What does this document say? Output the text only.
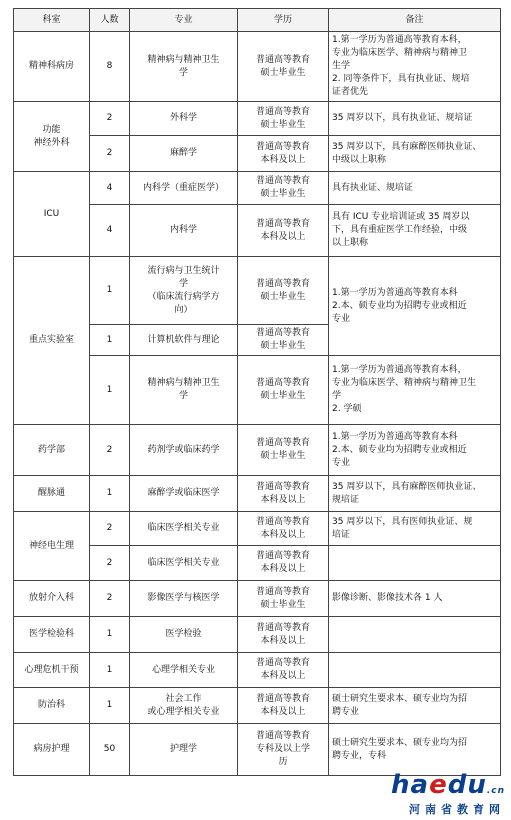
科室	人数	专业	学历	备注
精神科病房	8	精神病与精神卫生
学	普通高等教育
硕士毕业生	1.第一学历为普通高等教育本科，
专业为临床医学、精神病与精神卫
生学
2. 同等条件下，具有执业证、规培
证者优先

功能
神经外科	2	外科学	普通高等教育
硕士毕业生	35 周岁以下，具有执业证、规培证

	2	麻醉学	普通高等教育
本科及以上	35 周岁以下，具有麻醉医师执业证、
中级以上职称

ICU	4	内科学（重症医学）	普通高等教育
硕士毕业生	具有执业证、规培证

	4	内科学	普通高等教育
本科及以上	具有 ICU 专业培训证或 35 周岁以
下，具有重症医学工作经验，中级
以上职称

重点实验室	1	流行病与卫生统计
学
（临床流行病学方
向）	普通高等教育
硕士毕业生	1.第一学历为普通高等教育本科
2.本、硕专业均为招聘专业或相近
专业

	1	计算机软件与理论	普通高等教育
硕士毕业生	

	1	精神病与精神卫生
学	普通高等教育
硕士毕业生	1.第一学历为普通高等教育本科，
专业为临床医学、精神病与精神卫生
学
2. 学硕

药学部	2	药剂学或临床药学	普通高等教育
硕士毕业生	1.第一学历为普通高等教育本科
2.本、硕专业均为招聘专业或相近
专业

醒脉通	1	麻醉学或临床医学	普通高等教育
本科及以上	35 周岁以下，具有麻醉医师执业证、
规培证

神经电生理	2	临床医学相关专业	普通高等教育
本科及以上	35 周岁以下，具有医师执业证、规
培证

	2	临床医学相关专业	普通高等教育
本科及以上	

放射介入科	2	影像医学与核医学	普通高等教育
硕士毕业生	影像诊断、影像技术各 1 人

医学检验科	1	医学检验	普通高等教育
本科及以上	

心理危机干预	1	心理学相关专业	普通高等教育
本科及以上	

防治科	1	社会工作
或心理学相关专业	普通高等教育
本科及以上	硕士研究生要求本、硕专业均为招
聘专业

病房护理	50	护理学	普通高等教育
专科及以上学
历	硕士研究生要求本、硕专业均为招
聘专业，专科
haedu.cn
河南省教育网
